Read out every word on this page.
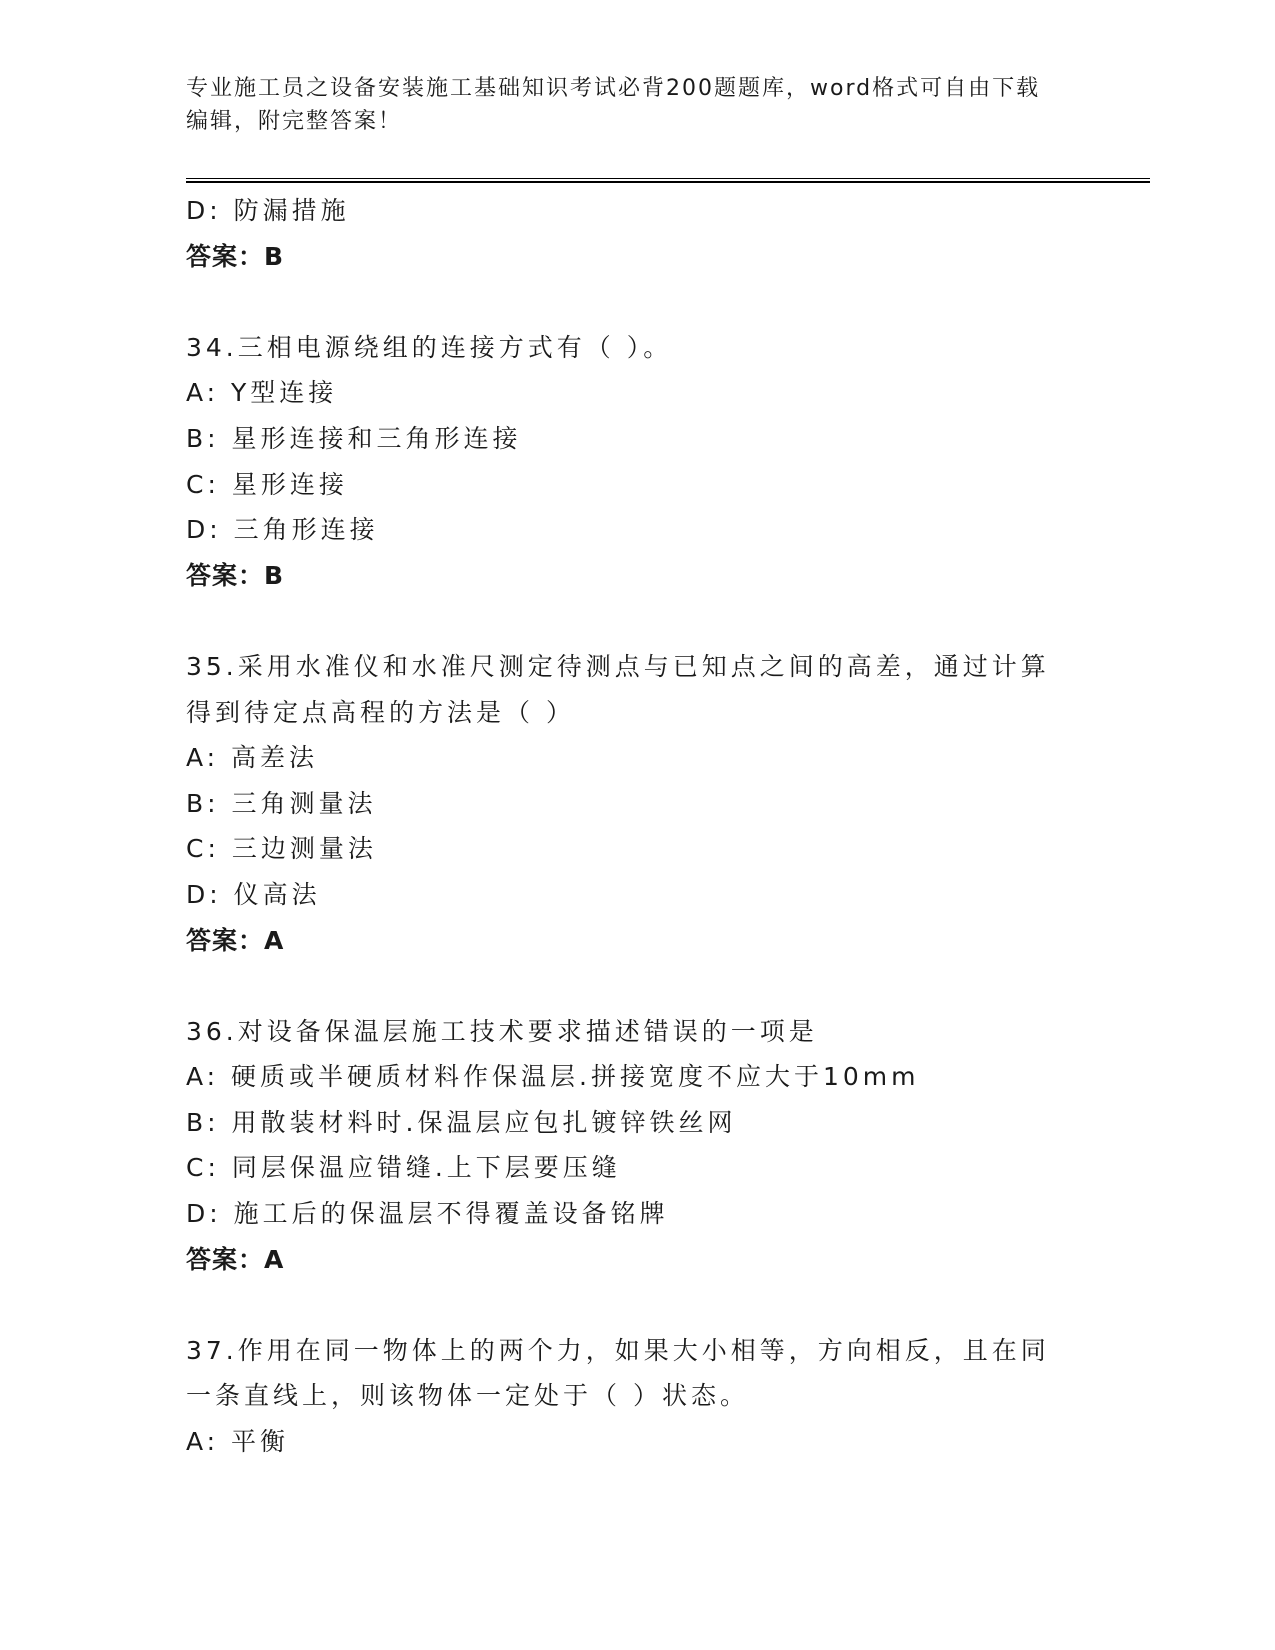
专业施工员之设备安装施工基础知识考试必背200题题库，word格式可自由下载
编辑，附完整答案！
D: 防漏措施
答案：B
34.三相电源绕组的连接方式有（ ）。
A: Y型连接
B: 星形连接和三角形连接
C: 星形连接
D: 三角形连接
答案：B
35.采用水准仪和水准尺测定待测点与已知点之间的高差，通过计算得到待定点高程的方法是（ ）
A: 高差法
B: 三角测量法
C: 三边测量法
D: 仪高法
答案：A
36.对设备保温层施工技术要求描述错误的一项是
A: 硬质或半硬质材料作保温层.拼接宽度不应大于10mm
B: 用散装材料时.保温层应包扎镀锌铁丝网
C: 同层保温应错缝.上下层要压缝
D: 施工后的保温层不得覆盖设备铭牌
答案：A
37.作用在同一物体上的两个力，如果大小相等，方向相反，且在同一条直线上，则该物体一定处于（ ）状态。
A: 平衡
